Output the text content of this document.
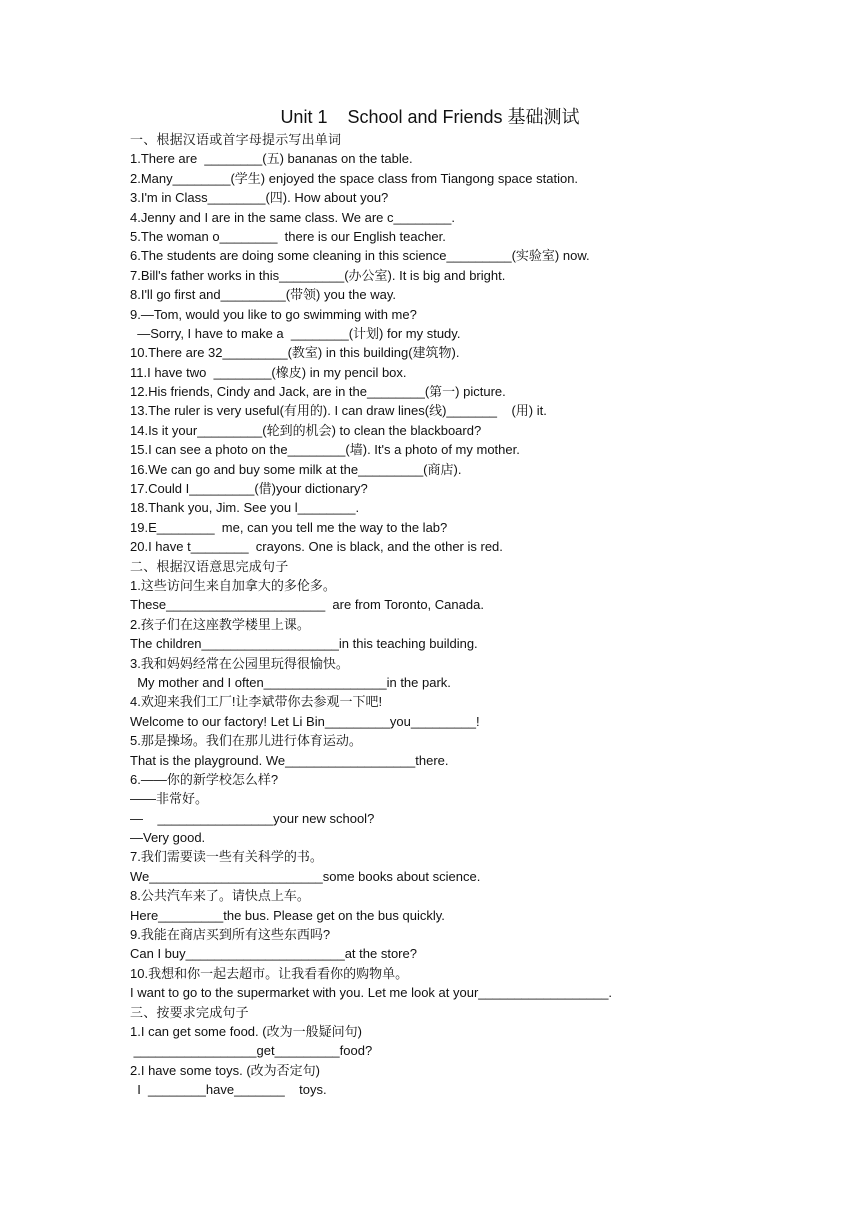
Unit 1    School and Friends 基础测试
一、根据汉语或首字母提示写出单词
1.There are  ________(五) bananas on the table.
2.Many________(学生) enjoyed the space class from Tiangong space station.
3.I'm in Class________(四). How about you?
4.Jenny and I are in the same class. We are c________.
5.The woman o________  there is our English teacher.
6.The students are doing some cleaning in this science_________(实验室) now.
7.Bill's father works in this_________(办公室). It is big and bright.
8.I'll go first and_________(带领) you the way.
9.—Tom, would you like to go swimming with me?
—Sorry, I have to make a  ________(计划) for my study.
10.There are 32_________(教室) in this building(建筑物).
11.I have two  ________(橡皮) in my pencil box.
12.His friends, Cindy and Jack, are in the________(第一) picture.
13.The ruler is very useful(有用的). I can draw lines(线)_______    (用) it.
14.Is it your_________(轮到的机会) to clean the blackboard?
15.I can see a photo on the________(墙). It's a photo of my mother.
16.We can go and buy some milk at the_________(商店).
17.Could I_________(借)your dictionary?
18.Thank you, Jim. See you l________.
19.E________  me, can you tell me the way to the lab?
20.I have t________  crayons. One is black, and the other is red.
二、根据汉语意思完成句子
1.这些访问生来自加拿大的多伦多。
These______________________  are from Toronto, Canada.
2.孩子们在这座教学楼里上课。
The children___________________in this teaching building.
3.我和妈妈经常在公园里玩得很愉快。
My mother and I often_________________in the park.
4.欢迎来我们工厂!让李斌带你去参观一下吧!
Welcome to our factory! Let Li Bin_________you_________!
5.那是操场。我们在那儿进行体育运动。
That is the playground. We__________________there.
6.——你的新学校怎么样?
——非常好。
—    ________________your new school?
—Very good.
7.我们需要读一些有关科学的书。
We________________________some books about science.
8.公共汽车来了。请快点上车。
Here_________the bus. Please get on the bus quickly.
9.我能在商店买到所有这些东西吗?
Can I buy______________________at the store?
10.我想和你一起去超市。让我看看你的购物单。
I want to go to the supermarket with you. Let me look at your__________________.
三、按要求完成句子
1.I can get some food. (改为一般疑问句)
_________________get_________food?
2.I have some toys. (改为否定句)
I  ________have_______    toys.
